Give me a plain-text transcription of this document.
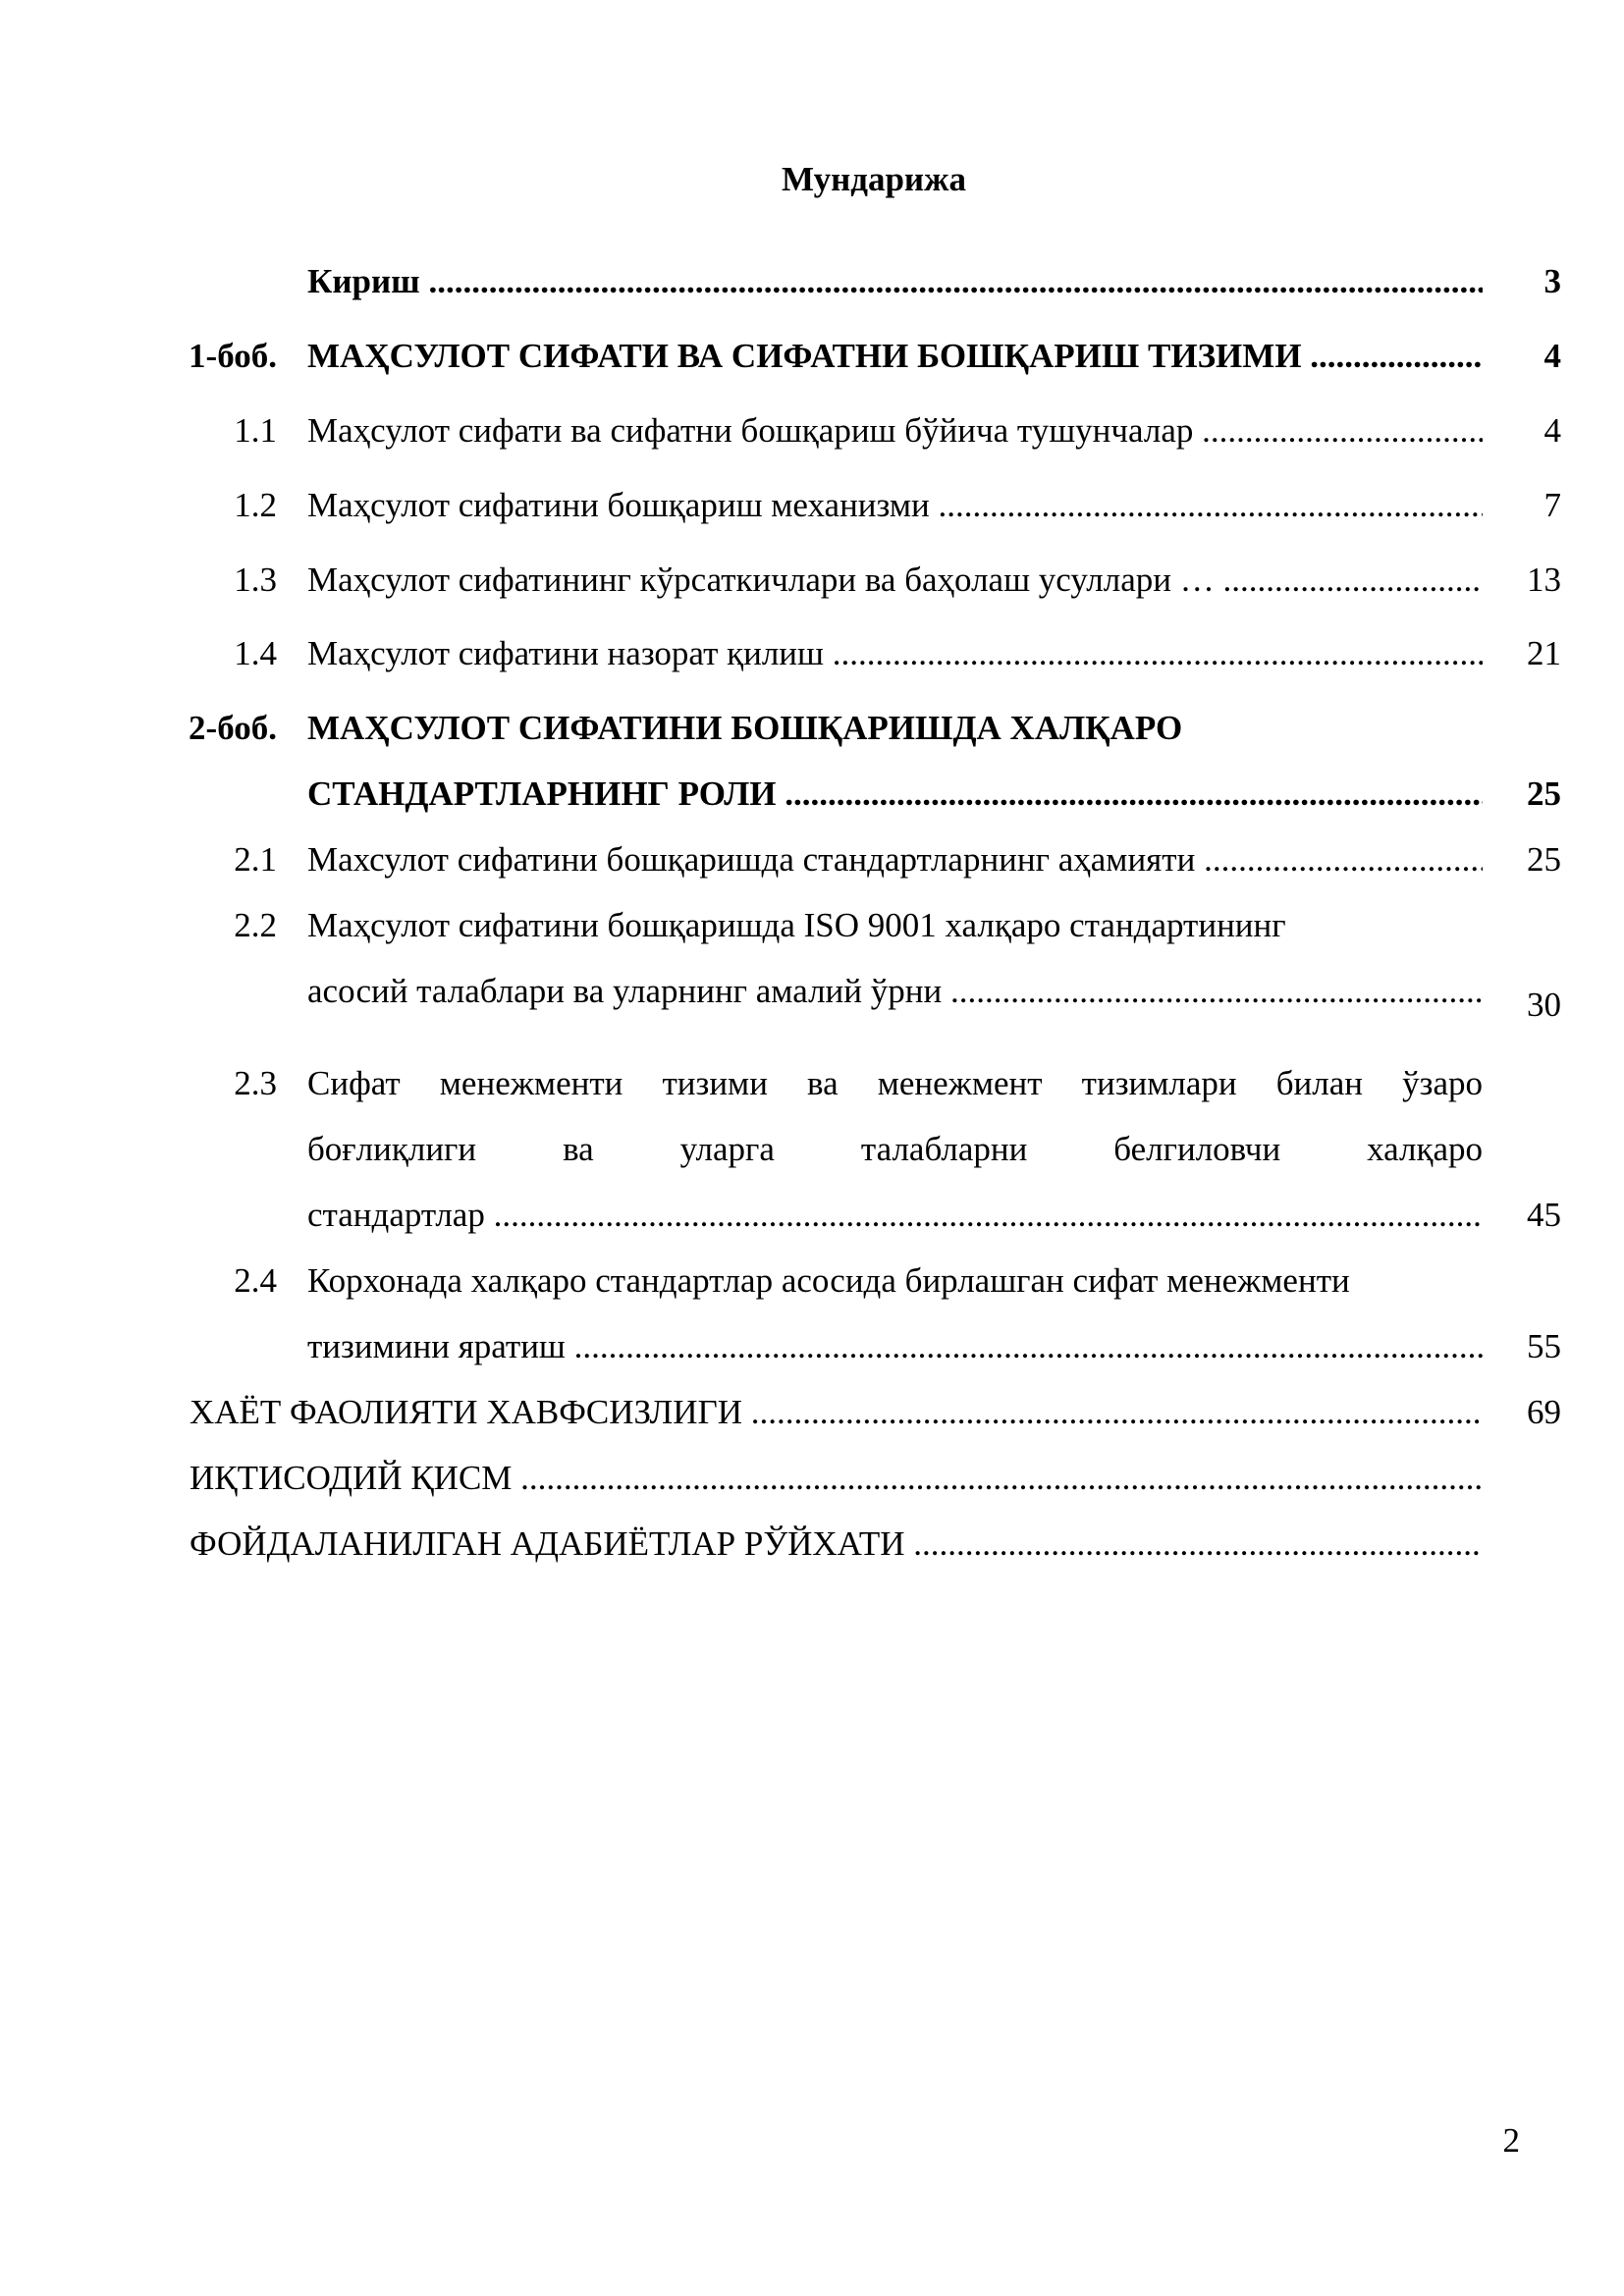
Мундарижа
Кириш .....	3
1-боб. МАҲСУЛОТ СИФАТИ ВА СИФАТНИ БОШҚАРИШ ТИЗИМИ .....	4
1.1 Маҳсулот сифати ва сифатни бошқариш бўйича тушунчалар .....	4
1.2 Маҳсулот сифатини бошқариш механизми .....	7
1.3 Маҳсулот сифатининг кўрсаткичлари ва баҳолаш усуллари … .....	13
1.4 Маҳсулот сифатини назорат қилиш .....	21
2-боб. МАҲСУЛОТ СИФАТИНИ БОШҚАРИШДА ХАЛҚАРО
СТАНДАРТЛАРНИНГ РОЛИ .....	25
2.1 Махсулот сифатини бошқаришда стандартларнинг аҳамияти .....	25
2.2 Маҳсулот сифатини бошқаришда ISO 9001 халқаро стандартининг
асосий талаблари ва уларнинг амалий ўрни .....	30
2.3 Сифат менежменти тизими ва менежмент тизимлари билан ўзаро
боғлиқлиги ва уларга талабларни белгиловчи халқаро
стандартлар .....	45
2.4 Корхонада халқаро стандартлар асосида бирлашган сифат менежменти
тизимини яратиш .....	55
ХАЁТ ФАОЛИЯТИ ХАВФСИЗЛИГИ .....	69
ИҚТИСОДИЙ ҚИСМ .....
ФОЙДАЛАНИЛГАН АДАБИЁТЛАР РЎЙХАТИ .....
2
